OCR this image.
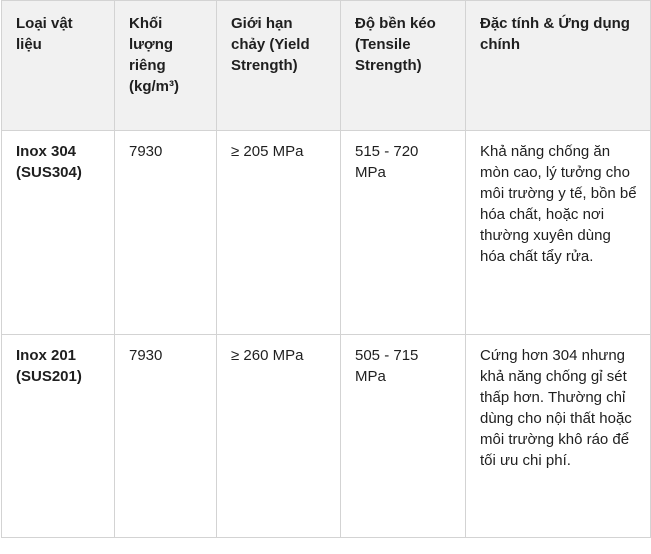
Loại vật liệu	Khối lượng riêng (kg/m³)	Giới hạn chảy (Yield Strength)	Độ bền kéo (Tensile Strength)	Đặc tính & Ứng dụng chính
Inox 304 (SUS304)	7930	≥ 205 MPa	515 - 720 MPa	Khả năng chống ăn mòn cao, lý tưởng cho môi trường y tế, bồn bể hóa chất, hoặc nơi thường xuyên dùng hóa chất tẩy rửa.
Inox 201 (SUS201)	7930	≥ 260 MPa	505 - 715 MPa	Cứng hơn 304 nhưng khả năng chống gỉ sét thấp hơn. Thường chỉ dùng cho nội thất hoặc môi trường khô ráo để tối ưu chi phí.
